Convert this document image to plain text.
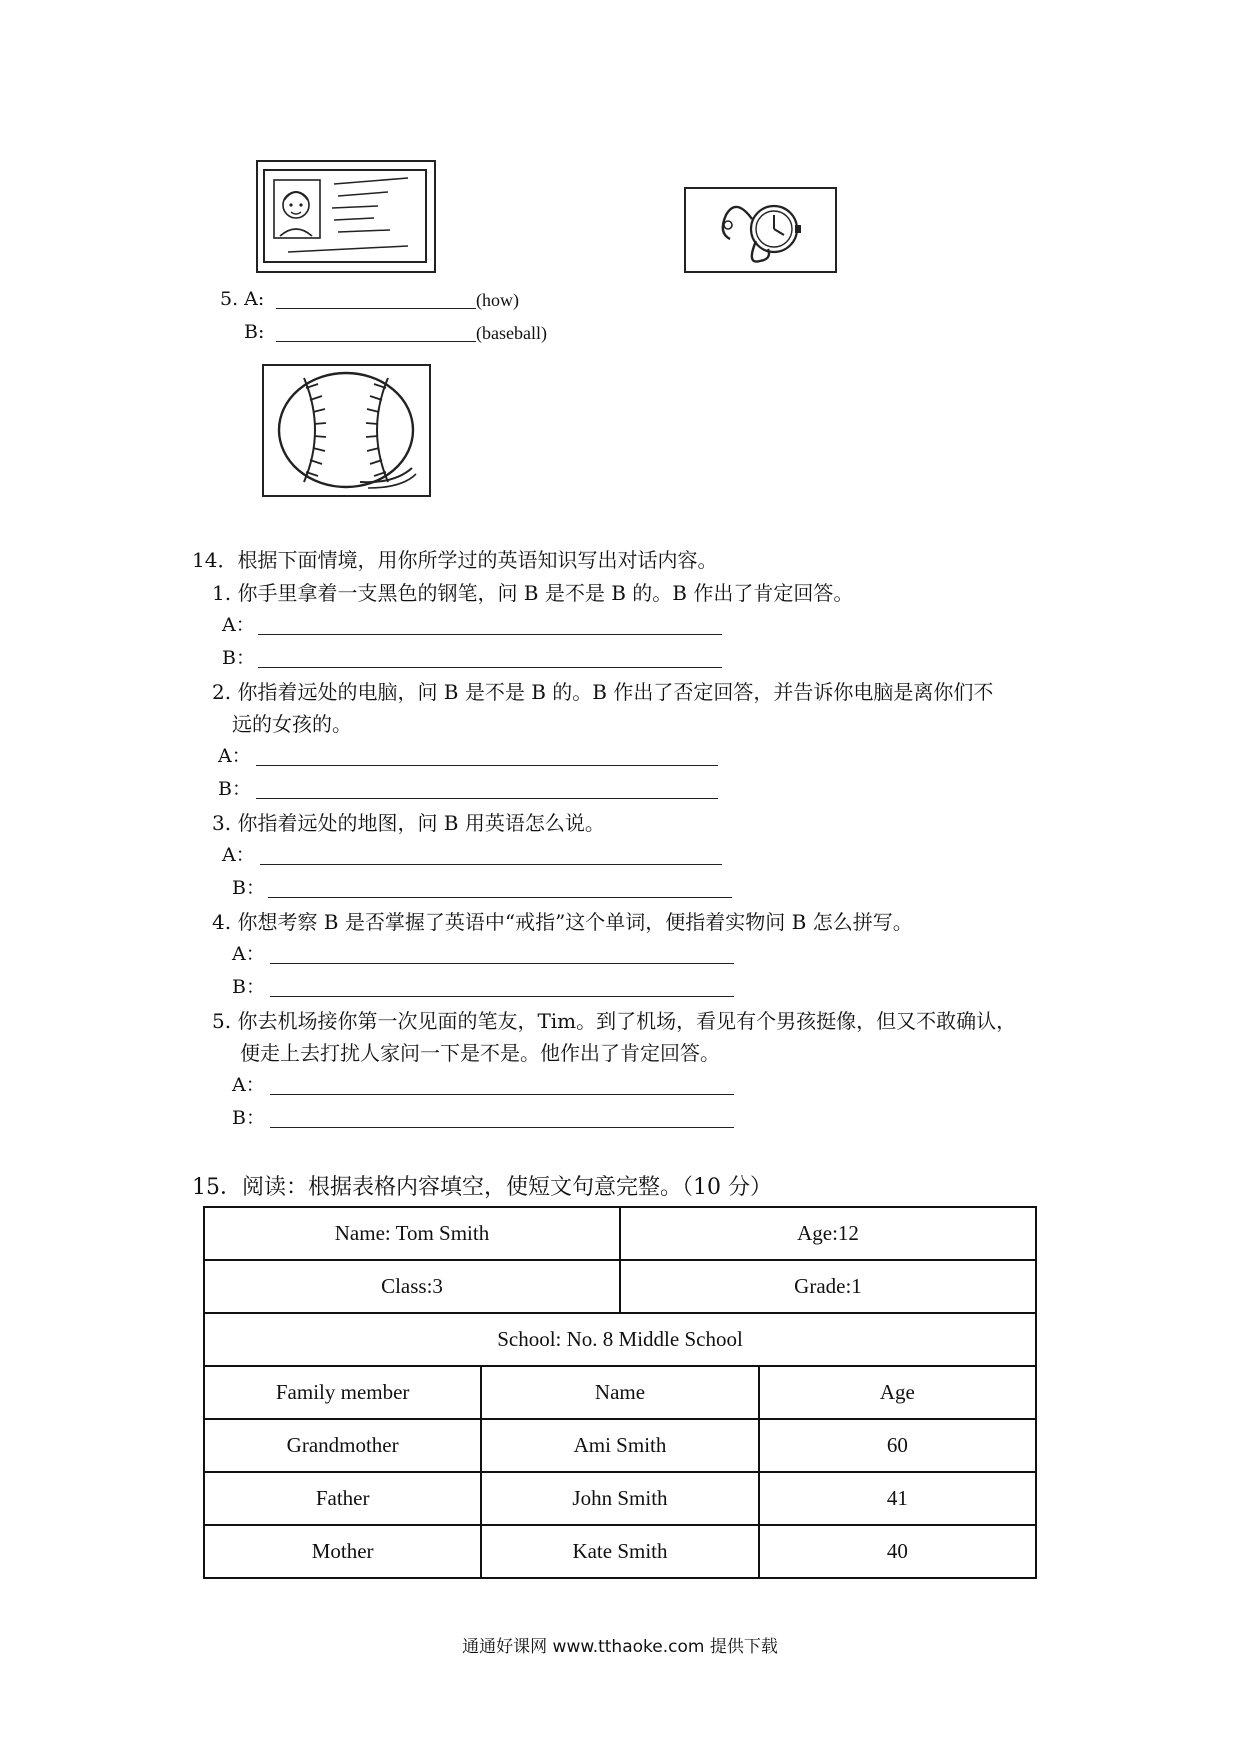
5. A:	(how)
B:	(baseball)
14．根据下面情境，用你所学过的英语知识写出对话内容。
1. 你手里拿着一支黑色的钢笔，问 B 是不是 B 的。B 作出了肯定回答。
A：
B：
2. 你指着远处的电脑，问 B 是不是 B 的。B 作出了否定回答，并告诉你电脑是离你们不
远的女孩的。
A：
B：
3. 你指着远处的地图，问 B 用英语怎么说。
A：
B：
4. 你想考察 B 是否掌握了英语中“戒指”这个单词，便指着实物问 B 怎么拼写。
A：
B：
5. 你去机场接你第一次见面的笔友，Tim。到了机场，看见有个男孩挺像，但又不敢确认，
便走上去打扰人家问一下是不是。他作出了肯定回答。
A：
B：
15．阅读：根据表格内容填空，使短文句意完整。（10 分）
Name: Tom Smith		Age:12	
Class:3		Grade:1	
School: No. 8 Middle School			
Family member	Name		Age
Grandmother	Ami Smith		60
Father	John Smith		41
Mother	Kate Smith		40
通通好课网 www.tthaoke.com 提供下载
